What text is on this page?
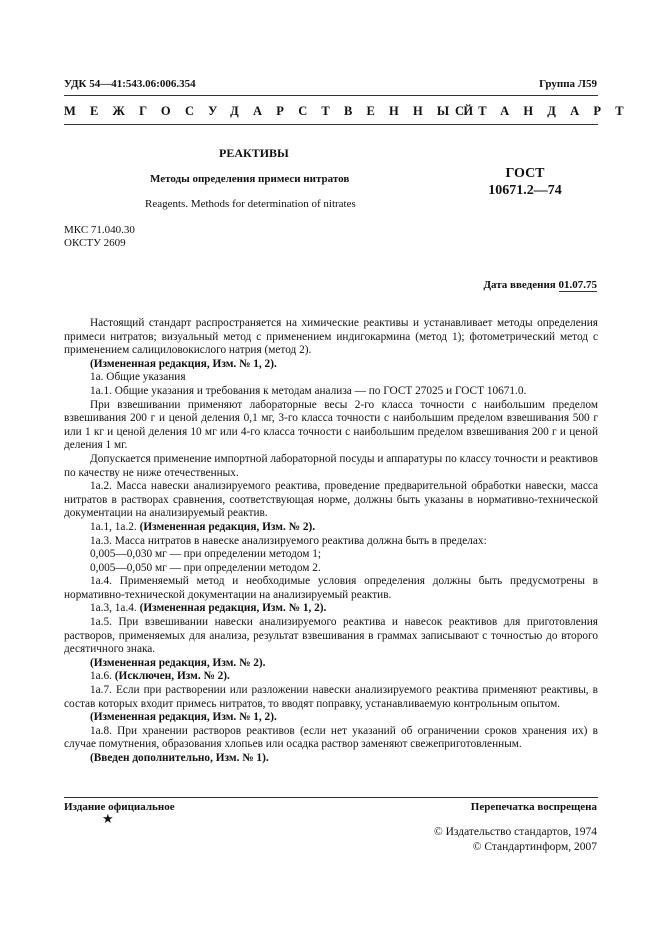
УДК 54—41:543.06:006.354	Группа Л59
МЕЖГОСУДАРСТВЕННЫЙ
СТАНДАРТ
РЕАКТИВЫ
Методы определения примеси нитратов	ГОСТ
10671.2—74
Reagents. Methods for determination of nitrates
МКС 71.040.30
ОКСТУ 2609
Дата введения 01.07.75

Настоящий стандарт распространяется на химические реактивы и устанавливает методы определения примеси нитратов; визуальный метод с применением индигокармина (метод 1); фотометрический метод с применением салициловокислого натрия (метод 2).

(Измененная редакция, Изм. № 1, 2).

1а. Общие указания

1а.1. Общие указания и требования к методам анализа — по ГОСТ 27025 и ГОСТ 10671.0.

При взвешивании применяют лабораторные весы 2-го класса точности с наибольшим пределом взвешивания 200 г и ценой деления 0,1 мг, 3-го класса точности с наибольшим пределом взвешивания 500 г или 1 кг и ценой деления 10 мг или 4-го класса точности с наибольшим пределом взвешивания 200 г и ценой деления 1 мг.

Допускается применение импортной лабораторной посуды и аппаратуры по классу точности и реактивов по качеству не ниже отечественных.

1а.2. Масса навески анализируемого реактива, проведение предварительной обработки навески, масса нитратов в растворах сравнения, соответствующая норме, должны быть указаны в нормативно-технической документации на анализируемый реактив.

1а.1, 1а.2. (Измененная редакция, Изм. № 2).

1а.3. Масса нитратов в навеске анализируемого реактива должна быть в пределах:

0,005—0,030 мг — при определении методом 1;

0,005—0,050 мг — при определении методом 2.

1а.4. Применяемый метод и необходимые условия определения должны быть предусмотрены в нормативно-технической документации на анализируемый реактив.

1а.3, 1а.4. (Измененная редакция, Изм. № 1, 2).

1а.5. При взвешивании навески анализируемого реактива и навесок реактивов для приготовления растворов, применяемых для анализа, результат взвешивания в граммах записывают с точностью до второго десятичного знака.

(Измененная редакция, Изм. № 2).

1а.6. (Исключен, Изм. № 2).

1а.7. Если при растворении или разложении навески анализируемого реактива применяют реактивы, в состав которых входит примесь нитратов, то вводят поправку, устанавливаемую контрольным опытом.

(Измененная редакция, Изм. № 1, 2).

1а.8. При хранении растворов реактивов (если нет указаний об ограничении сроков хранения их) в случае помутнения, образования хлопьев или осадка раствор заменяют свежеприготовленным.

(Введен дополнительно, Изм. № 1).

Издание официальное	Перепечатка воспрещена
★
© Издательство стандартов, 1974
© Стандартинформ, 2007
